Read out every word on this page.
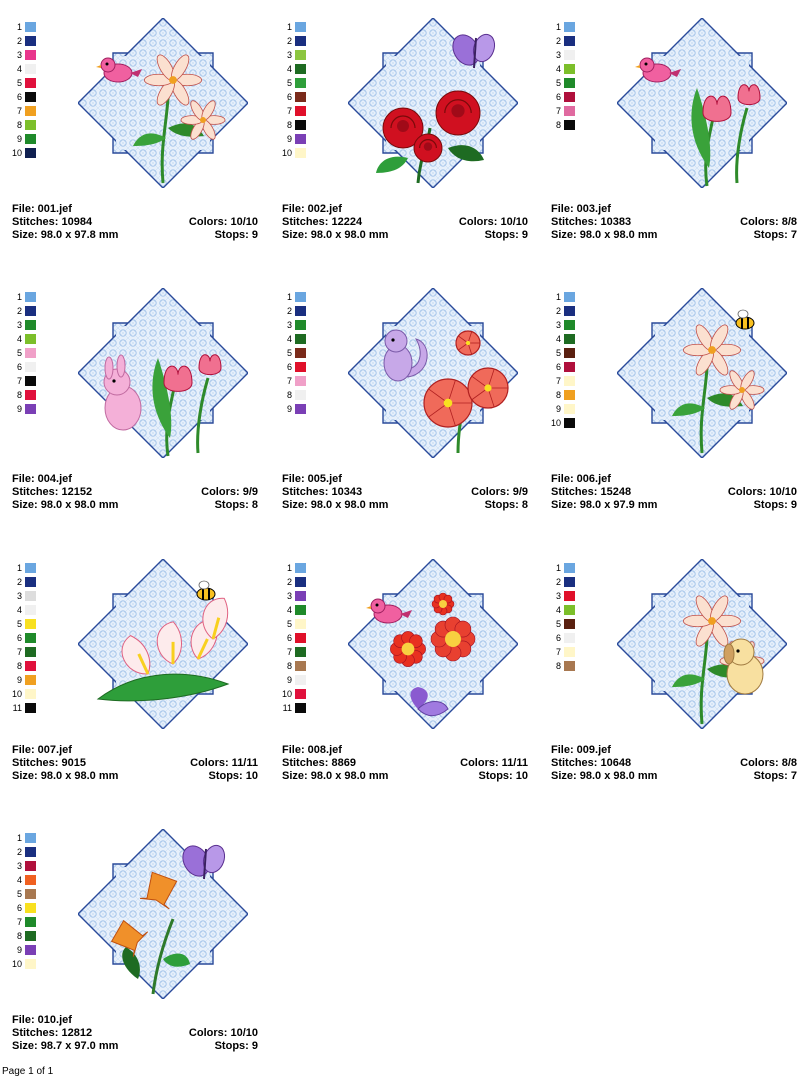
1
2
3
4
5
6
7
8
9
10
File: 001.jef
Stitches: 10984	Colors: 10/10
Size: 98.0 x 97.8 mm	Stops: 9
1
2
3
4
5
6
7
8
9
10
File: 002.jef
Stitches: 12224	Colors: 10/10
Size: 98.0 x 98.0 mm	Stops: 9
1
2
3
4
5
6
7
8
File: 003.jef
Stitches: 10383	Colors: 8/8
Size: 98.0 x 98.0 mm	Stops: 7
1
2
3
4
5
6
7
8
9
File: 004.jef
Stitches: 12152	Colors: 9/9
Size: 98.0 x 98.0 mm	Stops: 8
1
2
3
4
5
6
7
8
9
File: 005.jef
Stitches: 10343	Colors: 9/9
Size: 98.0 x 98.0 mm	Stops: 8
1
2
3
4
5
6
7
8
9
10
File: 006.jef
Stitches: 15248	Colors: 10/10
Size: 98.0 x 97.9 mm	Stops: 9
1
2
3
4
5
6
7
8
9
10
11
File: 007.jef
Stitches: 9015	Colors: 11/11
Size: 98.0 x 98.0 mm	Stops: 10
1
2
3
4
5
6
7
8
9
10
11
File: 008.jef
Stitches: 8869	Colors: 11/11
Size: 98.0 x 98.0 mm	Stops: 10
1
2
3
4
5
6
7
8
File: 009.jef
Stitches: 10648	Colors: 8/8
Size: 98.0 x 98.0 mm	Stops: 7
1
2
3
4
5
6
7
8
9
10
File: 010.jef
Stitches: 12812	Colors: 10/10
Size: 98.7 x 97.0 mm	Stops: 9
Page 1 of 1
